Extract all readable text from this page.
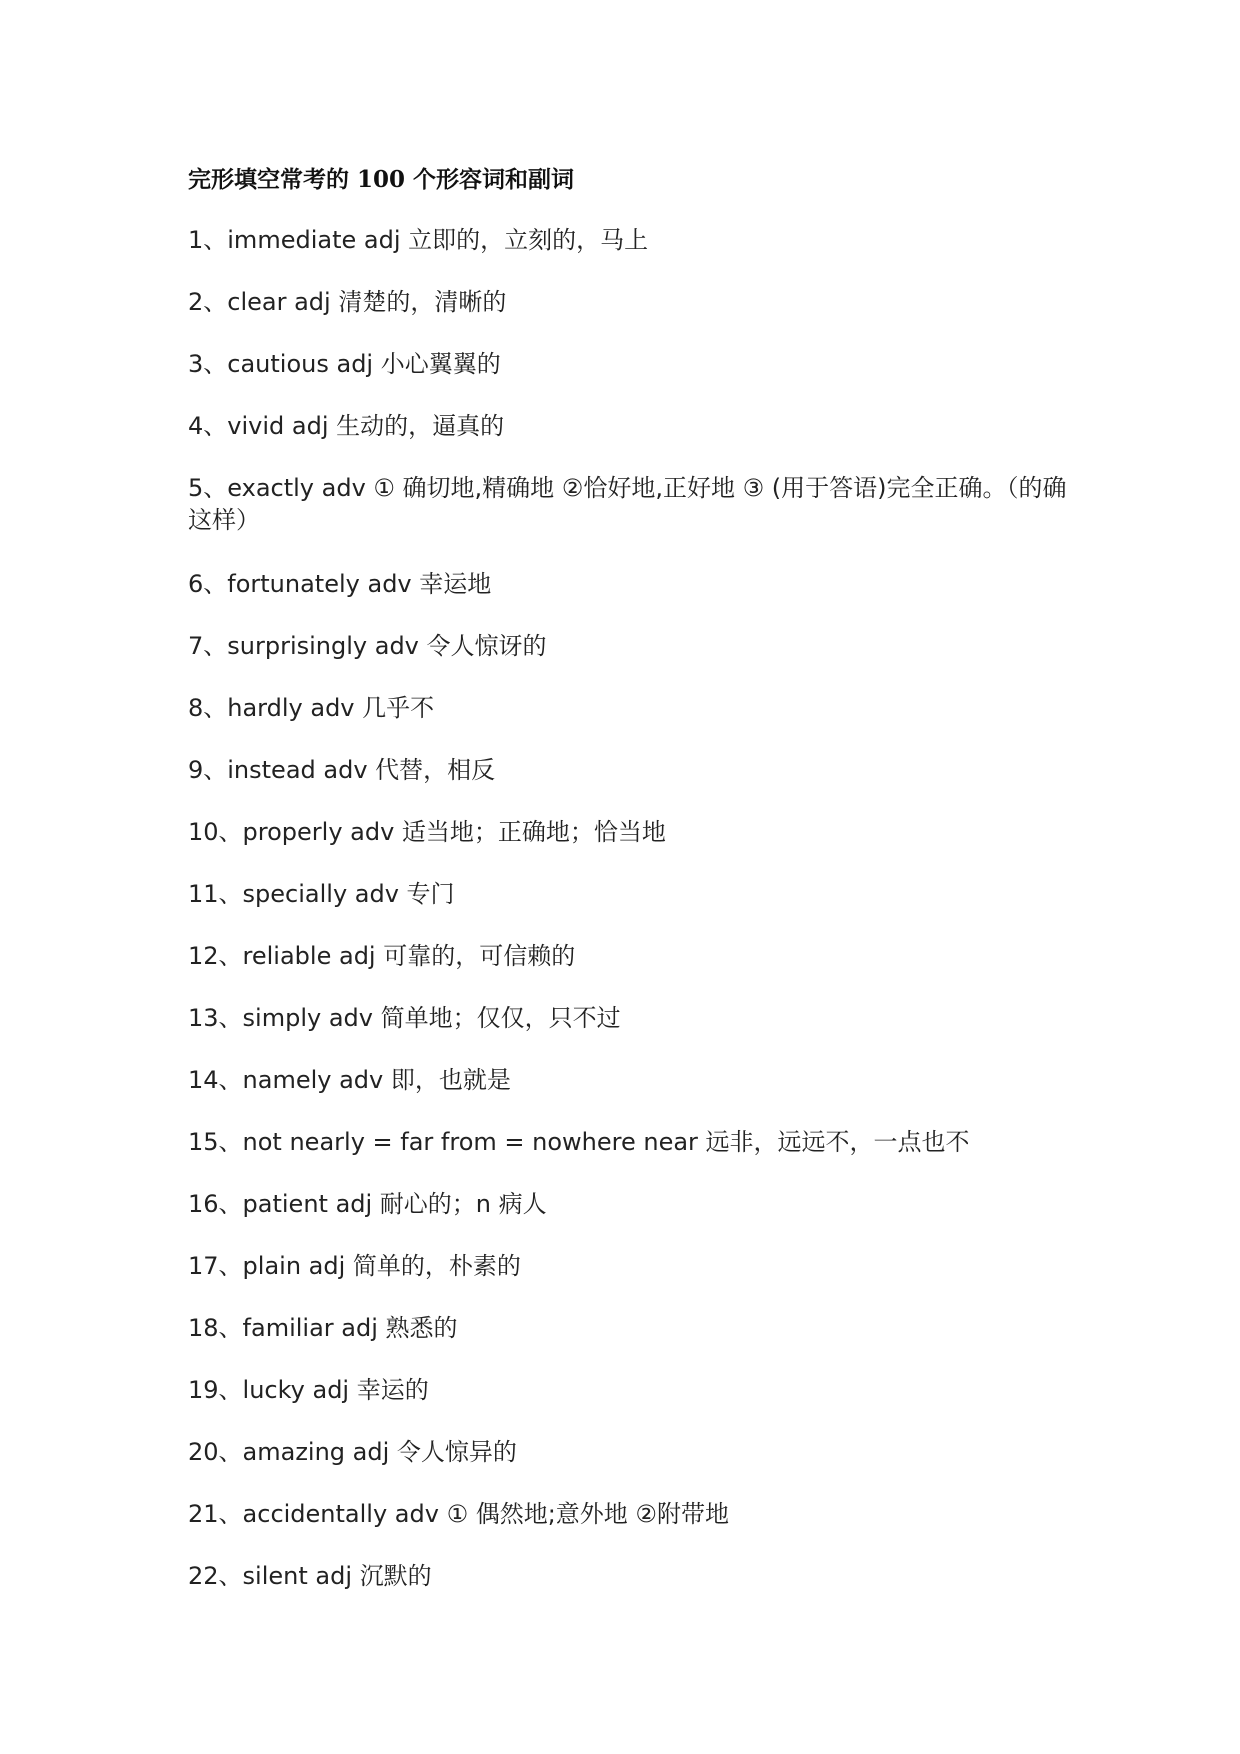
完形填空常考的 100 个形容词和副词
1、immediate adj 立即的，立刻的，马上
2、clear adj 清楚的，清晰的
3、cautious adj 小心翼翼的
4、vivid adj 生动的，逼真的
5、exactly adv ① 确切地,精确地 ②恰好地,正好地 ③ (用于答语)完全正确。（的确这样）
6、fortunately adv 幸运地
7、surprisingly adv 令人惊讶的
8、hardly adv 几乎不
9、instead adv 代替，相反
10、properly adv 适当地；正确地；恰当地
11、specially adv 专门
12、reliable adj 可靠的，可信赖的
13、simply adv 简单地；仅仅，只不过
14、namely adv 即，也就是
15、not nearly = far from = nowhere near 远非，远远不，一点也不
16、patient adj 耐心的；n 病人
17、plain adj 简单的，朴素的
18、familiar adj 熟悉的
19、lucky adj 幸运的
20、amazing adj 令人惊异的
21、accidentally adv ① 偶然地;意外地 ②附带地
22、silent adj 沉默的
